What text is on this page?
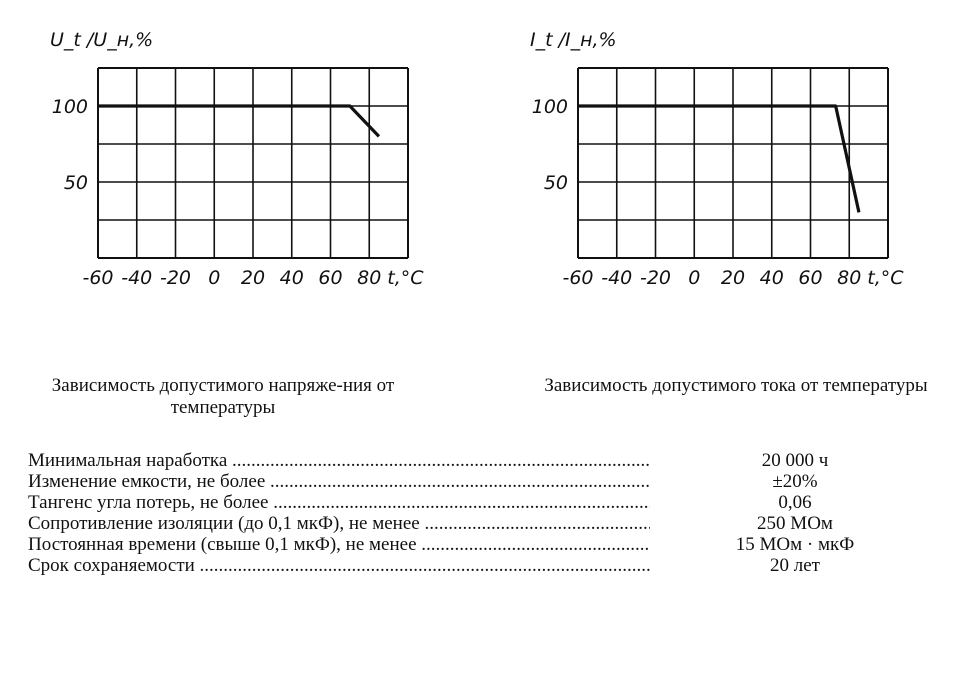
U_t /U_н,%
100
50
-60 -40 -20 0 20 40 60 80 t,°C
I_t /I_н,%
100
50
-60 -40 -20 0 20 40 60 80 t,°C
Зависимость допустимого напряже-ния от температуры
Зависимость допустимого тока от температуры
Минимальная наработка .....	20 000 ч
Изменение емкости, не более .....	±20%
Тангенс угла потерь, не более .....	0,06
Сопротивление изоляции (до 0,1 мкФ), не менее .....	250 МОм
Постоянная времени (свыше 0,1 мкФ), не менее .....	15 МОм · мкФ
Срок сохраняемости .....	20 лет
